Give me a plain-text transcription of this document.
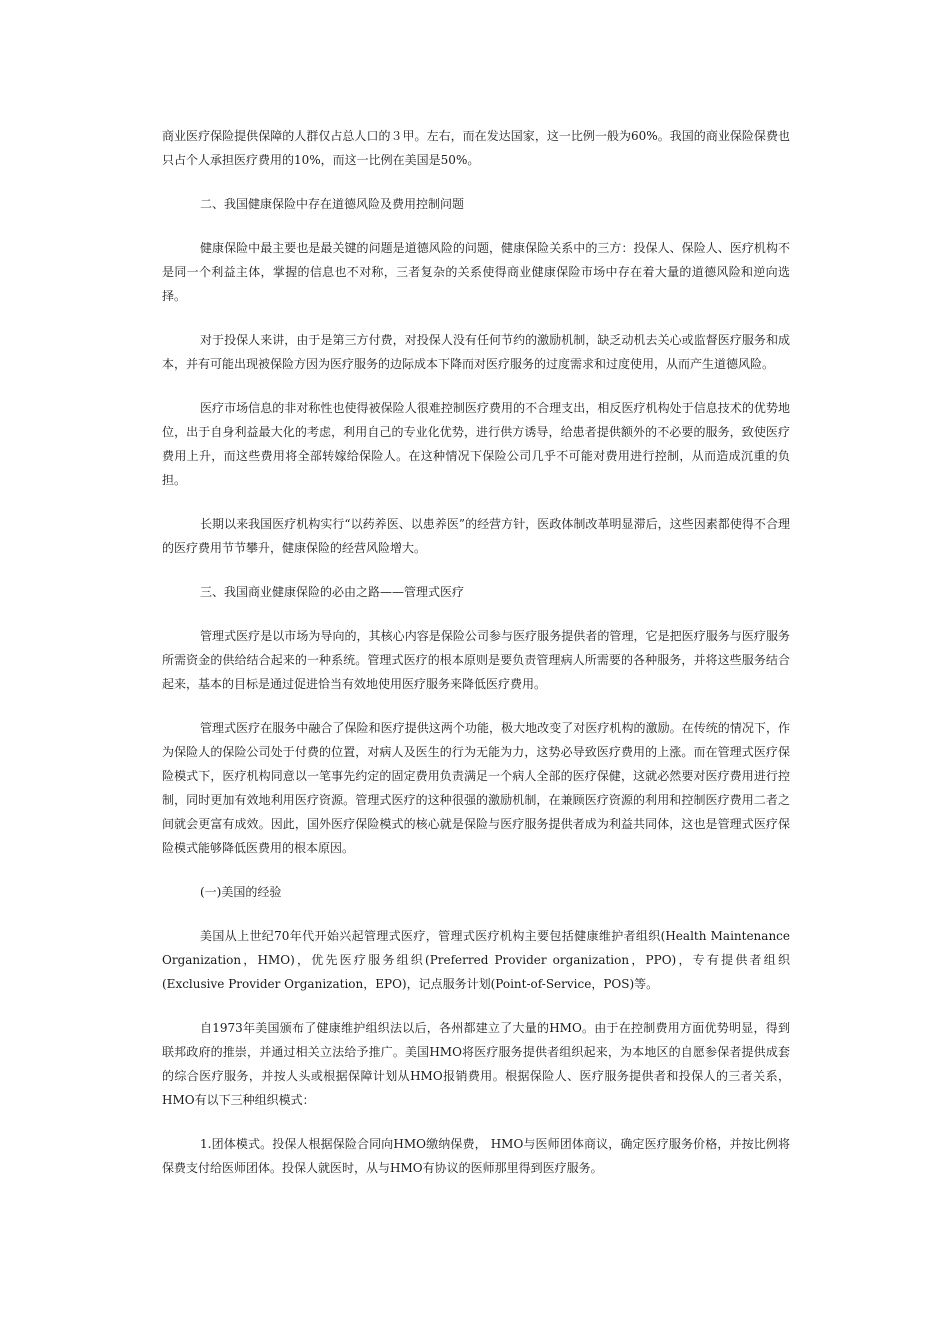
商业医疗保险提供保障的人群仅占总人口的３甲。左右，而在发达国家，这一比例一般为60%。我国的商业保险保费也只占个人承担医疗费用的10%，而这一比例在美国是50%。

二、我国健康保险中存在道德风险及费用控制问题

健康保险中最主要也是最关键的问题是道德风险的问题，健康保险关系中的三方：投保人、保险人、医疗机构不是同一个利益主体，掌握的信息也不对称，三者复杂的关系使得商业健康保险市场中存在着大量的道德风险和逆向选择。

对于投保人来讲，由于是第三方付费，对投保人没有任何节约的激励机制，缺乏动机去关心或监督医疗服务和成本，并有可能出现被保险方因为医疗服务的边际成本下降而对医疗服务的过度需求和过度使用，从而产生道德风险。

医疗市场信息的非对称性也使得被保险人很难控制医疗费用的不合理支出，相反医疗机构处于信息技术的优势地位，出于自身利益最大化的考虑，利用自己的专业化优势，进行供方诱导，给患者提供额外的不必要的服务，致使医疗费用上升，而这些费用将全部转嫁给保险人。在这种情况下保险公司几乎不可能对费用进行控制，从而造成沉重的负担。

长期以来我国医疗机构实行“以药养医、以患养医”的经营方针，医政体制改革明显滞后，这些因素都使得不合理的医疗费用节节攀升，健康保险的经营风险增大。

三、我国商业健康保险的必由之路——管理式医疗

管理式医疗是以市场为导向的，其核心内容是保险公司参与医疗服务提供者的管理，它是把医疗服务与医疗服务所需资金的供给结合起来的一种系统。管理式医疗的根本原则是要负责管理病人所需要的各种服务，并将这些服务结合起来，基本的目标是通过促进恰当有效地使用医疗服务来降低医疗费用。

管理式医疗在服务中融合了保险和医疗提供这两个功能，极大地改变了对医疗机构的激励。在传统的情况下，作为保险人的保险公司处于付费的位置，对病人及医生的行为无能为力，这势必导致医疗费用的上涨。而在管理式医疗保险模式下，医疗机构同意以一笔事先约定的固定费用负责满足一个病人全部的医疗保健，这就必然要对医疗费用进行控制，同时更加有效地利用医疗资源。管理式医疗的这种很强的激励机制，在兼顾医疗资源的利用和控制医疗费用二者之间就会更富有成效。因此，国外医疗保险模式的核心就是保险与医疗服务提供者成为利益共同体，这也是管理式医疗保险模式能够降低医费用的根本原因。

(一)美国的经验

美国从上世纪70年代开始兴起管理式医疗，管理式医疗机构主要包括健康维护者组织(Health Maintenance Organization，HMO)，优先医疗服务组织(Preferred Provider organization，PPO)，专有提供者组织(Exclusive Provider Organization，EPO)，记点服务计划(Point-of-Service，POS)等。

自1973年美国颁布了健康维护组织法以后，各州都建立了大量的HMO。由于在控制费用方面优势明显，得到联邦政府的推崇，并通过相关立法给予推广。美国HMO将医疗服务提供者组织起来，为本地区的自愿参保者提供成套的综合医疗服务，并按人头或根据保障计划从HMO报销费用。根据保险人、医疗服务提供者和投保人的三者关系，HMO有以下三种组织模式：

1.团体模式。投保人根据保险合同向HMO缴纳保费， HMO与医师团体商议，确定医疗服务价格，并按比例将保费支付给医师团体。投保人就医时，从与HMO有协议的医师那里得到医疗服务。
